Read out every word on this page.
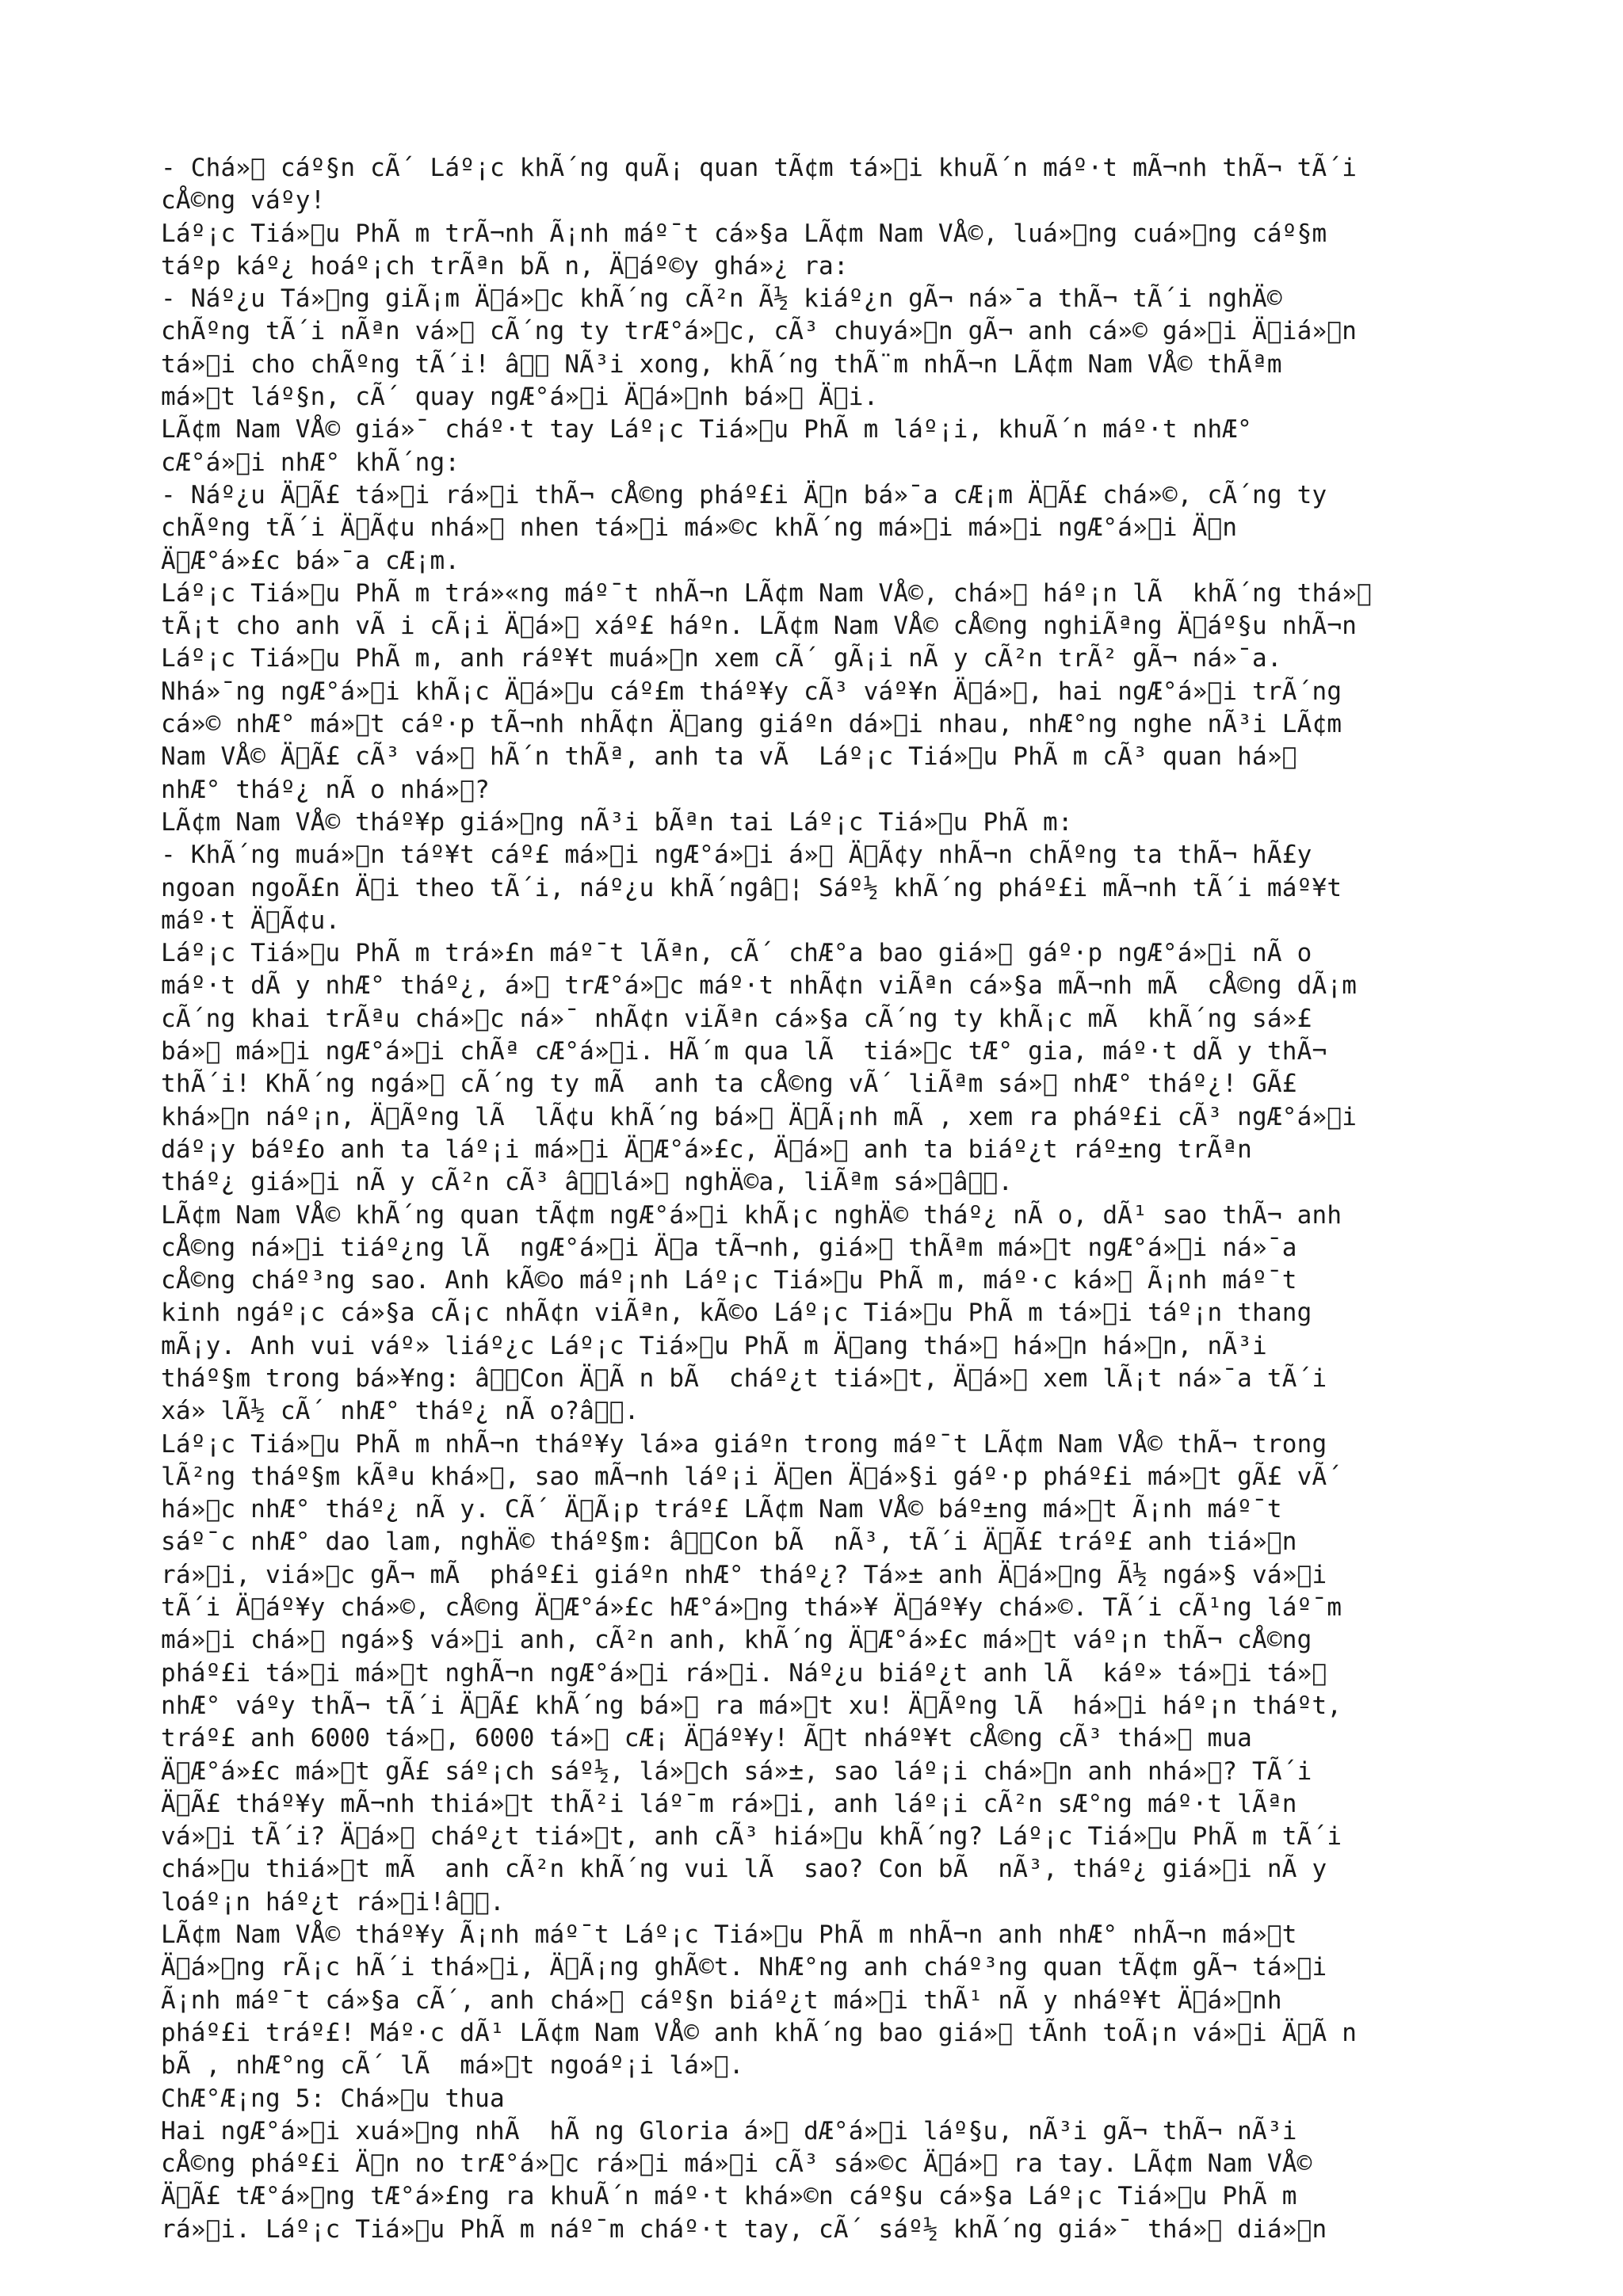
- Chá»  cáº§n cÃ´ Láº¡c khÃ´ng quÃ¡ quan tÃ¢m tá» i khuÃ´n máº·t mÃ¬nh thÃ¬ tÃ´i
cÅ©ng váºy!
Láº¡c Tiá» u PhÃ m trÃ¬nh Ã¡nh máº¯t cá»§a LÃ¢m Nam VÅ©, luá» ng cuá» ng cáº§m
táºp káº¿ hoáº¡ch trÃªn bÃ n, Ä áº©y ghá»¿ ra:
- Náº¿u Tá» ng giÃ¡m Ä á» c khÃ´ng cÃ²n Ã½ kiáº¿n gÃ¬ ná»¯a thÃ¬ tÃ´i nghÄ©
chÃºng tÃ´i nÃªn vá»  cÃ´ng ty trÆ°á» c, cÃ³ chuyá» n gÃ¬ anh cá»© gá» i Ä iá» n
tá» i cho chÃºng tÃ´i! â   NÃ³i xong, khÃ´ng thÃ¨m nhÃ¬n LÃ¢m Nam VÅ© thÃªm
má» t láº§n, cÃ´ quay ngÆ°á» i Ä á» nh bá»  Ä i.
LÃ¢m Nam VÅ© giá»¯ cháº·t tay Láº¡c Tiá» u PhÃ m láº¡i, khuÃ´n máº·t nhÆ°
cÆ°á» i nhÆ° khÃ´ng:
- Náº¿u Ä Ã£ tá» i rá» i thÃ¬ cÅ©ng pháº£i Ä n bá»¯a cÆ¡m Ä Ã£ chá»©, cÃ´ng ty
chÃºng tÃ´i Ä Ã¢u nhá»  nhen tá» i má»©c khÃ´ng má» i má» i ngÆ°á» i Ä n
Ä Æ°á»£c bá»¯a cÆ¡m.
Láº¡c Tiá» u PhÃ m trá»«ng máº¯t nhÃ¬n LÃ¢m Nam VÅ©, chá»  háº¡n lÃ  khÃ´ng thá» 
tÃ¡t cho anh vÃ i cÃ¡i Ä á»  xáº£ háºn. LÃ¢m Nam VÅ© cÅ©ng nghiÃªng Ä áº§u nhÃ¬n
Láº¡c Tiá» u PhÃ m, anh ráº¥t muá» n xem cÃ´ gÃ¡i nÃ y cÃ²n trÃ² gÃ¬ ná»¯a.
Nhá»¯ng ngÆ°á» i khÃ¡c Ä á» u cáº£m tháº¥y cÃ³ váº¥n Ä á» , hai ngÆ°á» i trÃ´ng
cá»© nhÆ° má» t cáº·p tÃ¬nh nhÃ¢n Ä ang giáºn dá» i nhau, nhÆ°ng nghe nÃ³i LÃ¢m
Nam VÅ© Ä Ã£ cÃ³ vá»  hÃ´n thÃª, anh ta vÃ  Láº¡c Tiá» u PhÃ m cÃ³ quan há» 
nhÆ° tháº¿ nÃ o nhá» ?
LÃ¢m Nam VÅ© tháº¥p giá» ng nÃ³i bÃªn tai Láº¡c Tiá» u PhÃ m:
- KhÃ´ng muá» n táº¥t cáº£ má» i ngÆ°á» i á»  Ä Ã¢y nhÃ¬n chÃºng ta thÃ¬ hÃ£y
ngoan ngoÃ£n Ä i theo tÃ´i, náº¿u khÃ´ngâ ¦ Sáº½ khÃ´ng pháº£i mÃ¬nh tÃ´i máº¥t
máº·t Ä Ã¢u.
Láº¡c Tiá» u PhÃ m trá»£n máº¯t lÃªn, cÃ´ chÆ°a bao giá»  gáº·p ngÆ°á» i nÃ o
máº·t dÃ y nhÆ° tháº¿, á»  trÆ°á» c máº·t nhÃ¢n viÃªn cá»§a mÃ¬nh mÃ  cÅ©ng dÃ¡m
cÃ´ng khai trÃªu chá» c ná»¯ nhÃ¢n viÃªn cá»§a cÃ´ng ty khÃ¡c mÃ  khÃ´ng sá»£
bá»  má» i ngÆ°á» i chÃª cÆ°á» i. HÃ´m qua lÃ  tiá» c tÆ° gia, máº·t dÃ y thÃ¬
thÃ´i! KhÃ´ng ngá»  cÃ´ng ty mÃ  anh ta cÅ©ng vÃ´ liÃªm sá»  nhÆ° tháº¿! GÃ£
khá» n náº¡n, Ä Ãºng lÃ  lÃ¢u khÃ´ng bá»  Ä Ã¡nh mÃ , xem ra pháº£i cÃ³ ngÆ°á» i
dáº¡y báº£o anh ta láº¡i má» i Ä Æ°á»£c, Ä á»  anh ta biáº¿t ráº±ng trÃªn
tháº¿ giá» i nÃ y cÃ²n cÃ³ â  lá»  nghÄ©a, liÃªm sá» â  .
LÃ¢m Nam VÅ© khÃ´ng quan tÃ¢m ngÆ°á» i khÃ¡c nghÄ© tháº¿ nÃ o, dÃ¹ sao thÃ¬ anh
cÅ©ng ná» i tiáº¿ng lÃ  ngÆ°á» i Ä a tÃ¬nh, giá»  thÃªm má» t ngÆ°á» i ná»¯a
cÅ©ng cháº³ng sao. Anh kÃ©o máº¡nh Láº¡c Tiá» u PhÃ m, máº·c ká»  Ã¡nh máº¯t
kinh ngáº¡c cá»§a cÃ¡c nhÃ¢n viÃªn, kÃ©o Láº¡c Tiá» u PhÃ m tá» i táº¡n thang
mÃ¡y. Anh vui váº» liáº¿c Láº¡c Tiá» u PhÃ m Ä ang thá»  há» n há» n, nÃ³i
tháº§m trong bá»¥ng: â  Con Ä Ã n bÃ  cháº¿t tiá» t, Ä á»  xem lÃ¡t ná»¯a tÃ´i
xá» lÃ½ cÃ´ nhÆ° tháº¿ nÃ o?â  .
Láº¡c Tiá» u PhÃ m nhÃ¬n tháº¥y lá»a giáºn trong máº¯t LÃ¢m Nam VÅ© thÃ¬ trong
lÃ²ng tháº§m kÃªu khá» , sao mÃ¬nh láº¡i Ä en Ä á»§i gáº·p pháº£i má» t gÃ£ vÃ´
há» c nhÆ° tháº¿ nÃ y. CÃ´ Ä Ã¡p tráº£ LÃ¢m Nam VÅ© báº±ng má» t Ã¡nh máº¯t
sáº¯c nhÆ° dao lam, nghÄ© tháº§m: â  Con bÃ  nÃ³, tÃ´i Ä Ã£ tráº£ anh tiá» n
rá» i, viá» c gÃ¬ mÃ  pháº£i giáºn nhÆ° tháº¿? Tá»± anh Ä á» ng Ã½ ngá»§ vá» i
tÃ´i Ä áº¥y chá»©, cÅ©ng Ä Æ°á»£c hÆ°á» ng thá»¥ Ä áº¥y chá»©. TÃ´i cÃ¹ng láº¯m
má» i chá»  ngá»§ vá» i anh, cÃ²n anh, khÃ´ng Ä Æ°á»£c má» t váº¡n thÃ¬ cÅ©ng
pháº£i tá» i má» t nghÃ¬n ngÆ°á» i rá» i. Náº¿u biáº¿t anh lÃ  káº» tá» i tá» 
nhÆ° váºy thÃ¬ tÃ´i Ä Ã£ khÃ´ng bá»  ra má» t xu! Ä Ãºng lÃ  há» i háº¡n tháºt,
tráº£ anh 6000 tá» , 6000 tá»  cÆ¡ Ä áº¥y! Ã t nháº¥t cÅ©ng cÃ³ thá»  mua
Ä Æ°á»£c má» t gÃ£ sáº¡ch sáº½, lá» ch sá»±, sao láº¡i chá» n anh nhá» ? TÃ´i
Ä Ã£ tháº¥y mÃ¬nh thiá» t thÃ²i láº¯m rá» i, anh láº¡i cÃ²n sÆ°ng máº·t lÃªn
vá» i tÃ´i? Ä á»  cháº¿t tiá» t, anh cÃ³ hiá» u khÃ´ng? Láº¡c Tiá» u PhÃ m tÃ´i
chá» u thiá» t mÃ  anh cÃ²n khÃ´ng vui lÃ  sao? Con bÃ  nÃ³, tháº¿ giá» i nÃ y
loáº¡n háº¿t rá» i!â  .
LÃ¢m Nam VÅ© tháº¥y Ã¡nh máº¯t Láº¡c Tiá» u PhÃ m nhÃ¬n anh nhÆ° nhÃ¬n má» t
Ä á» ng rÃ¡c hÃ´i thá» i, Ä Ã¡ng ghÃ©t. NhÆ°ng anh cháº³ng quan tÃ¢m gÃ¬ tá» i
Ã¡nh máº¯t cá»§a cÃ´, anh chá»  cáº§n biáº¿t má» i thÃ¹ nÃ y nháº¥t Ä á» nh
pháº£i tráº£! Máº·c dÃ¹ LÃ¢m Nam VÅ© anh khÃ´ng bao giá»  tÃnh toÃ¡n vá» i Ä Ã n
bÃ , nhÆ°ng cÃ´ lÃ  má» t ngoáº¡i lá» .
ChÆ°Æ¡ng 5: Chá» u thua
Hai ngÆ°á» i xuá» ng nhÃ  hÃ ng Gloria á»  dÆ°á» i láº§u, nÃ³i gÃ¬ thÃ¬ nÃ³i
cÅ©ng pháº£i Ä n no trÆ°á» c rá» i má» i cÃ³ sá»©c Ä á»  ra tay. LÃ¢m Nam VÅ©
Ä Ã£ tÆ°á» ng tÆ°á»£ng ra khuÃ´n máº·t khá»©n cáº§u cá»§a Láº¡c Tiá» u PhÃ m
rá» i. Láº¡c Tiá» u PhÃ m náº¯m cháº·t tay, cÃ´ sáº½ khÃ´ng giá»¯ thá»  diá» n
